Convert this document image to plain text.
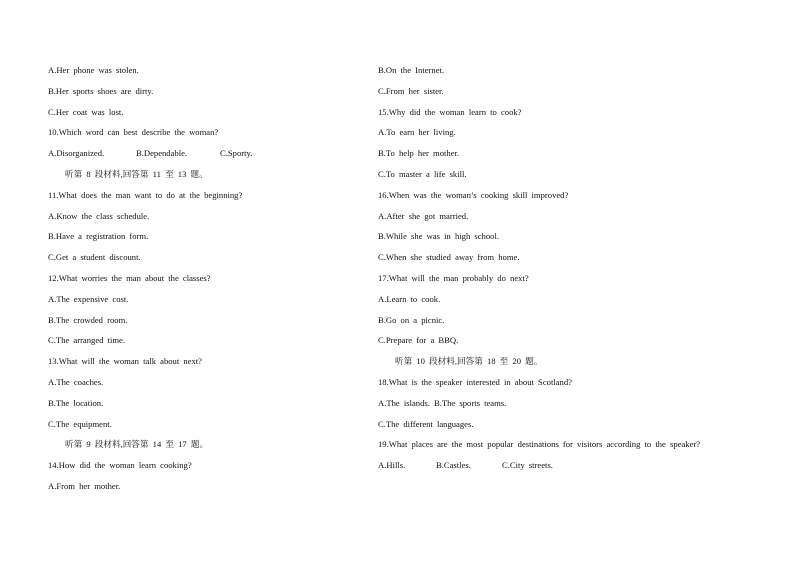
A.Her phone was stolen.
B.Her sports shoes are dirty.
C.Her coat was lost.
10.Which word can best describe the woman?
A.Disorganized.	B.Dependable.	C.Sporty.
听第 8 段材料,回答第 11 至 13 题。
11.What does the man want to do at the beginning?
A.Know the class schedule.
B.Have a registration form.
C.Get a student discount.
12.What worries the man about the classes?
A.The expensive cost.
B.The crowded room.
C.The arranged time.
13.What will the woman talk about next?
A.The coaches.
B.The location.
C.The equipment.
听第 9 段材料,回答第 14 至 17 题。
14.How did the woman learn cooking?
A.From her mother.
B.On the Internet.
C.From her sister.
15.Why did the woman learn to cook?
A.To earn her living.
B.To help her mother.
C.To master a life skill.
16.When was the woman’s cooking skill improved?
A.After she got married.
B.While she was in high school.
C.When she studied away from home.
17.What will the man probably do next?
A.Learn to cook.
B.Go on a picnic.
C.Prepare for a BBQ.
听第 10 段材料,回答第 18 至 20 题。
18.What is the speaker interested in about Scotland?
A.The islands. B.The sports teams.
C.The different languages.
19.What places are the most popular destinations for visitors according to the speaker?
A.Hills.	B.Castles.	C.City streets.
